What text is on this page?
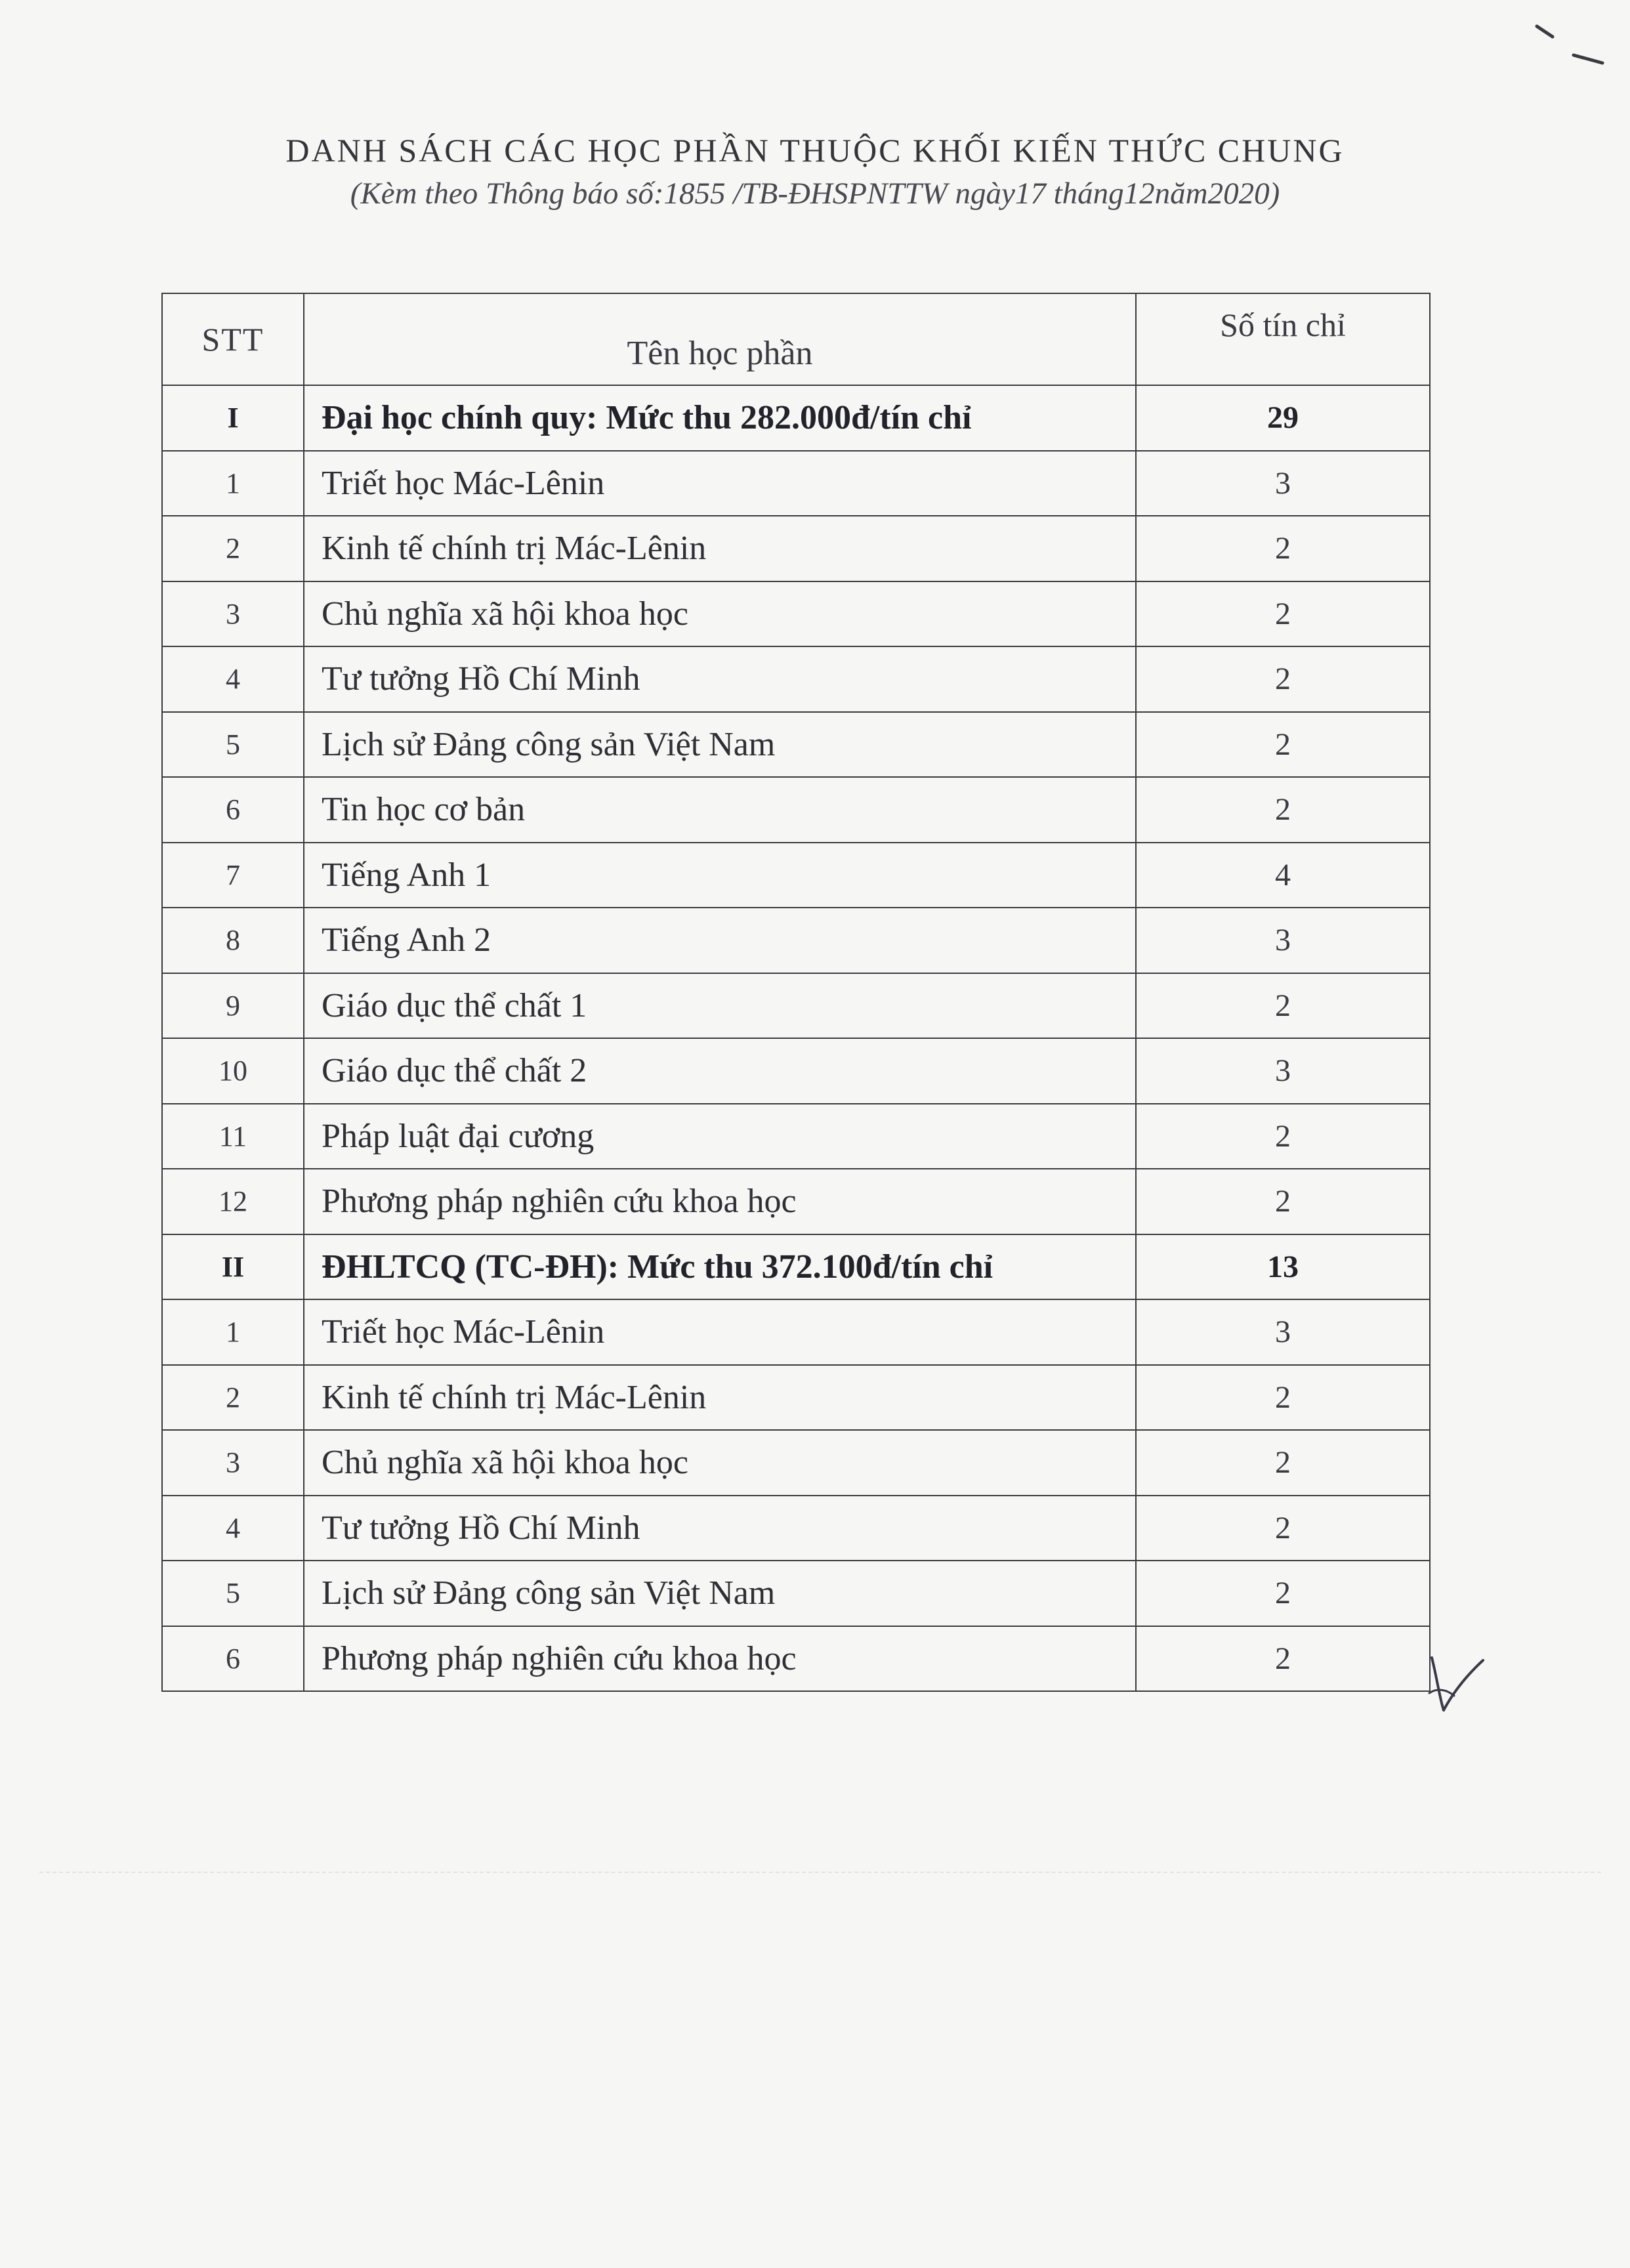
DANH SÁCH CÁC HỌC PHẦN THUỘC KHỐI KIẾN THỨC CHUNG
(Kèm theo Thông báo số:1855 /TB-ĐHSPNTTW ngày17 tháng12năm2020)
STT	Tên học phần	Số tín chỉ
I	Đại học chính quy: Mức thu 282.000đ/tín chỉ	29
1	Triết học Mác-Lênin	3
2	Kinh tế chính trị Mác-Lênin	2
3	Chủ nghĩa xã hội khoa học	2
4	Tư tưởng Hồ Chí Minh	2
5	Lịch sử Đảng công sản Việt Nam	2
6	Tin học cơ bản	2
7	Tiếng Anh 1	4
8	Tiếng Anh 2	3
9	Giáo dục thể chất 1	2
10	Giáo dục thể chất 2	3
11	Pháp luật đại cương	2
12	Phương pháp nghiên cứu khoa học	2
II	ĐHLTCQ (TC-ĐH): Mức thu 372.100đ/tín chỉ	13
1	Triết học Mác-Lênin	3
2	Kinh tế chính trị Mác-Lênin	2
3	Chủ nghĩa xã hội khoa học	2
4	Tư tưởng Hồ Chí Minh	2
5	Lịch sử Đảng công sản Việt Nam	2
6	Phương pháp nghiên cứu khoa học	2
